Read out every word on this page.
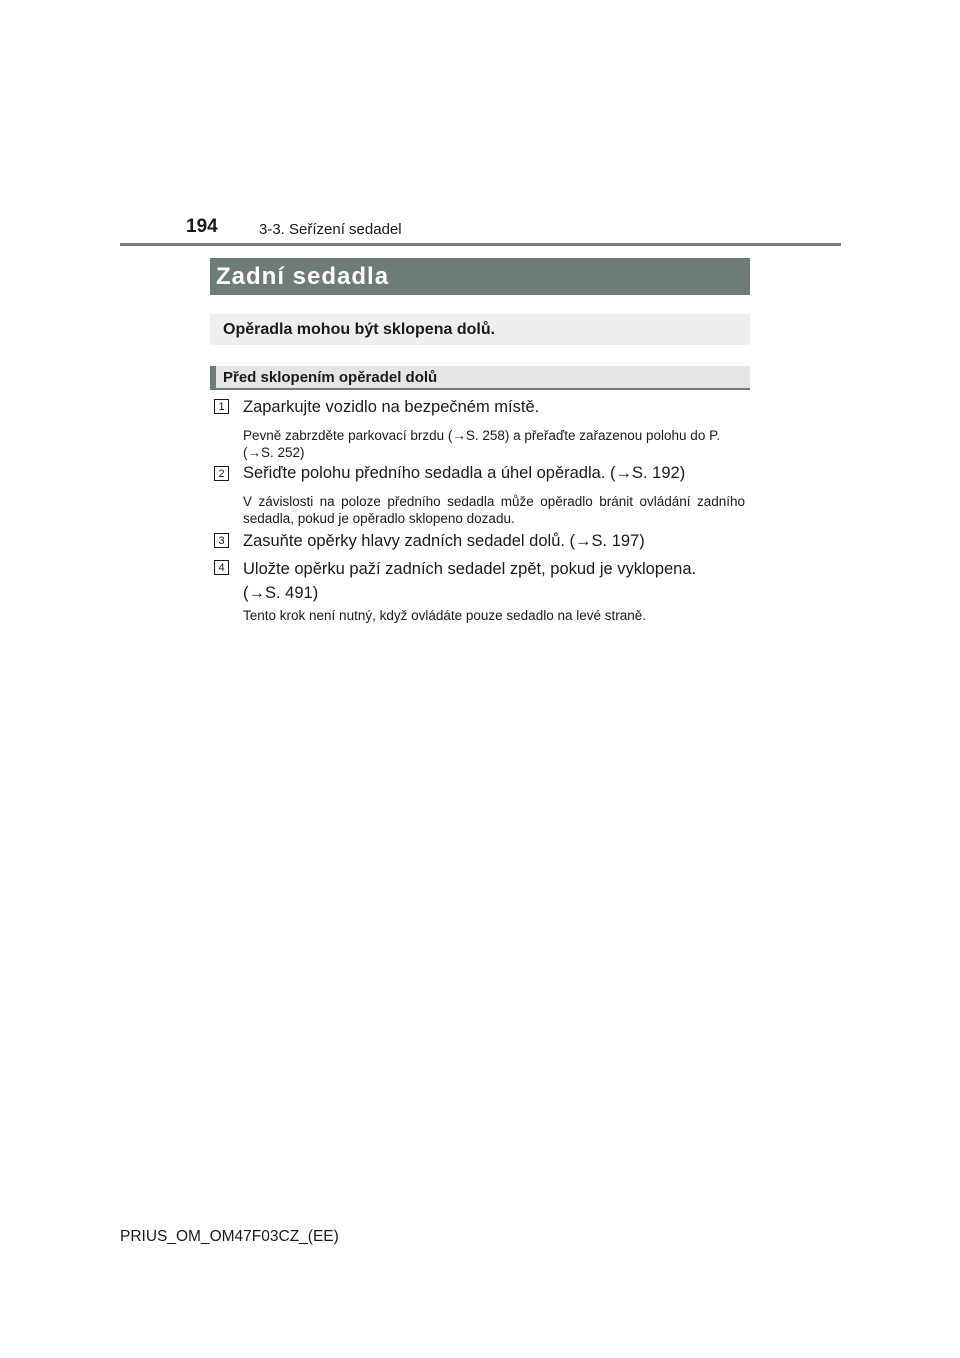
194	3-3. Seřízení sedadel
Zadní sedadla
Opěradla mohou být sklopena dolů.
Před sklopením opěradel dolů
1 Zaparkujte vozidlo na bezpečném místě.
Pevně zabrzděte parkovací brzdu (→S. 258) a přeřaďte zařazenou polohu do P. (→S. 252)
2 Seřiďte polohu předního sedadla a úhel opěradla. (→S. 192)
V závislosti na poloze předního sedadla může opěradlo bránit ovládání zadního sedadla, pokud je opěradlo sklopeno dozadu.
3 Zasuňte opěrky hlavy zadních sedadel dolů. (→S. 197)
4 Uložte opěrku paží zadních sedadel zpět, pokud je vyklopena. (→S. 491)
Tento krok není nutný, když ovládáte pouze sedadlo na levé straně.
PRIUS_OM_OM47F03CZ_(EE)
